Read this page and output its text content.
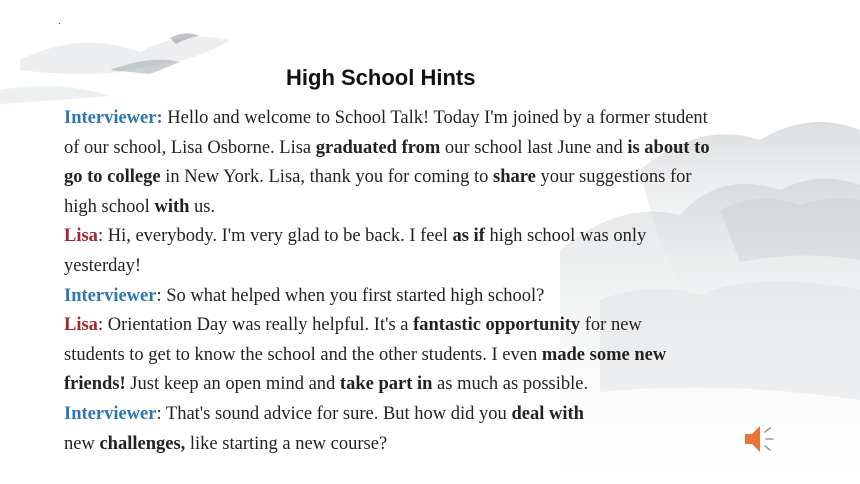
·
High School Hints
Interviewer: Hello and welcome to School Talk! Today I'm joined by a former student
of our school, Lisa Osborne. Lisa graduated from our school last June and is about to
go to college in New York. Lisa, thank you for coming to share your suggestions for
high school with us.
Lisa: Hi, everybody. I'm very glad to be back. I feel as if high school was only
yesterday!
Interviewer: So what helped when you first started high school?
Lisa: Orientation Day was really helpful. It's a fantastic opportunity for new
students to get to know the school and the other students. I even made some new
friends! Just keep an open mind and take part in as much as possible.
Interviewer: That's sound advice for sure. But how did you deal with
new challenges, like starting a new course?
